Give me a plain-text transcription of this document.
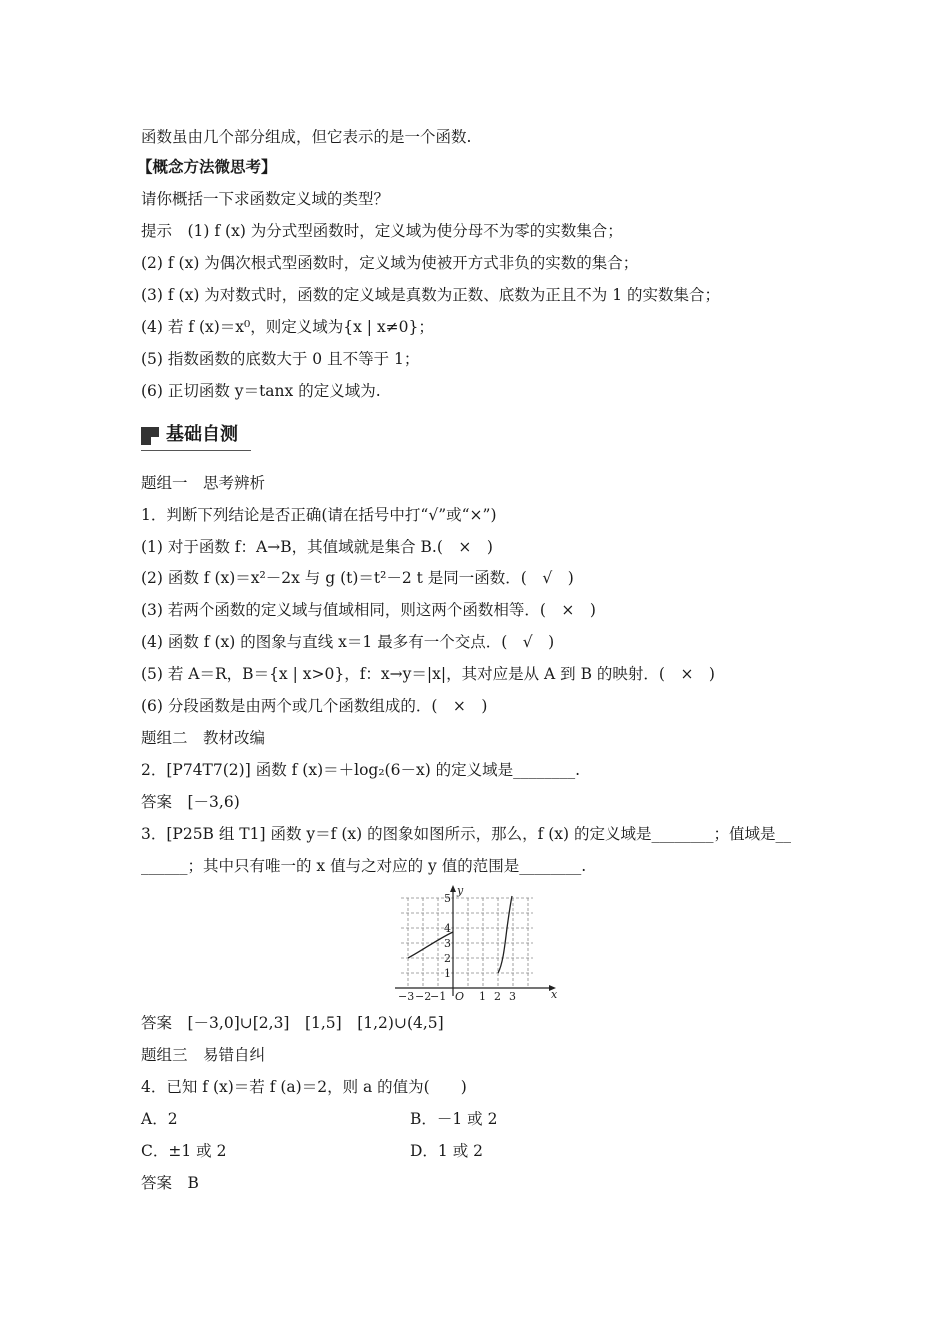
函数虽由几个部分组成，但它表示的是一个函数.
【概念方法微思考】
请你概括一下求函数定义域的类型？
提示　(1) f (x) 为分式型函数时，定义域为使分母不为零的实数集合；
(2) f (x) 为偶次根式型函数时，定义域为使被开方式非负的实数的集合；
(3) f (x) 为对数式时，函数的定义域是真数为正数、底数为正且不为 1 的实数集合；
(4) 若 f (x)＝x⁰，则定义域为{x | x≠0}；
(5) 指数函数的底数大于 0 且不等于 1；
(6) 正切函数 y＝tanx 的定义域为.
基础自测
题组一　思考辨析
1．判断下列结论是否正确(请在括号中打“√”或“×”)
(1) 对于函数 f：A→B，其值域就是集合 B.(　×　)
(2) 函数 f (x)＝x²－2x 与 g (t)＝t²－2 t 是同一函数．(　√　)
(3) 若两个函数的定义域与值域相同，则这两个函数相等．(　×　)
(4) 函数 f (x) 的图象与直线 x＝1 最多有一个交点．(　√　)
(5) 若 A＝R，B＝{x | x>0}，f：x→y＝|x|，其对应是从 A 到 B 的映射．(　×　)
(6) 分段函数是由两个或几个函数组成的．(　×　)
题组二　教材改编
2．[P74T7(2)] 函数 f (x)＝＋log₂(6－x) 的定义域是________.
答案　[－3,6)
3．[P25B 组 T1] 函数 y＝f (x) 的图象如图所示，那么，f (x) 的定义域是________；值域是__
______；其中只有唯一的 x 值与之对应的 y 值的范围是________.
−3 −2
−1 O 1 2 3
1
2
3
4
5
x
y
答案　[－3,0]∪[2,3]　[1,5]　[1,2)∪(4,5]
题组三　易错自纠
4．已知 f (x)＝若 f (a)＝2，则 a 的值为(　　)
A．2	B．－1 或 2
C．±1 或 2	D．1 或 2
答案　B
